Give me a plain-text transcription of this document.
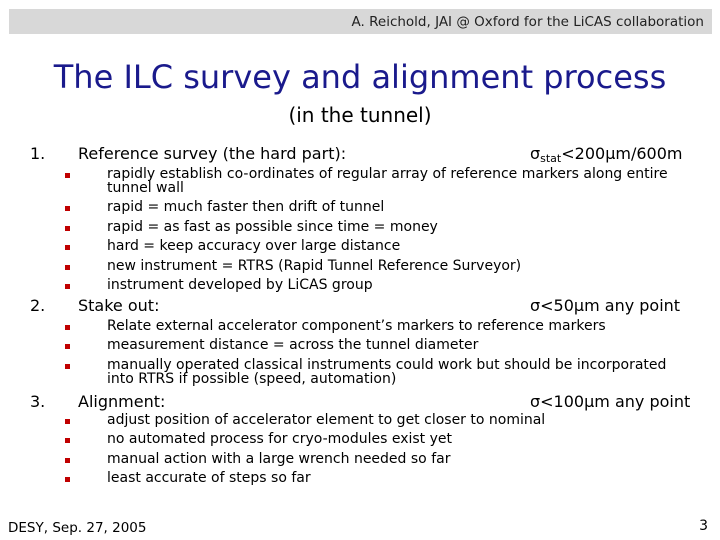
A. Reichold, JAI @ Oxford for the LiCAS collaboration
The ILC survey and alignment process
(in the tunnel)
1. Reference survey (the hard part):	$\sigma_{stat}<200\mu m/600m$
rapidly establish co-ordinates of regular array of reference markers along entire tunnel wall
rapid = much faster then drift of tunnel
rapid = as fast as possible since time = money
hard = keep accuracy over large distance
new instrument = RTRS (Rapid Tunnel Reference Surveyor)
instrument developed by LiCAS group
2. Stake out:	σ<50μm any point
Relate external accelerator component’s markers to reference markers
measurement distance = across the tunnel diameter
manually operated classical instruments could work but should be incorporated into RTRS if possible (speed, automation)
3. Alignment:	σ<100μm any point
adjust position of accelerator element to get closer to nominal
no automated process for cryo-modules exist yet
manual action with a large wrench needed so far
least accurate of steps so far
DESY, Sep. 27, 2005	3
